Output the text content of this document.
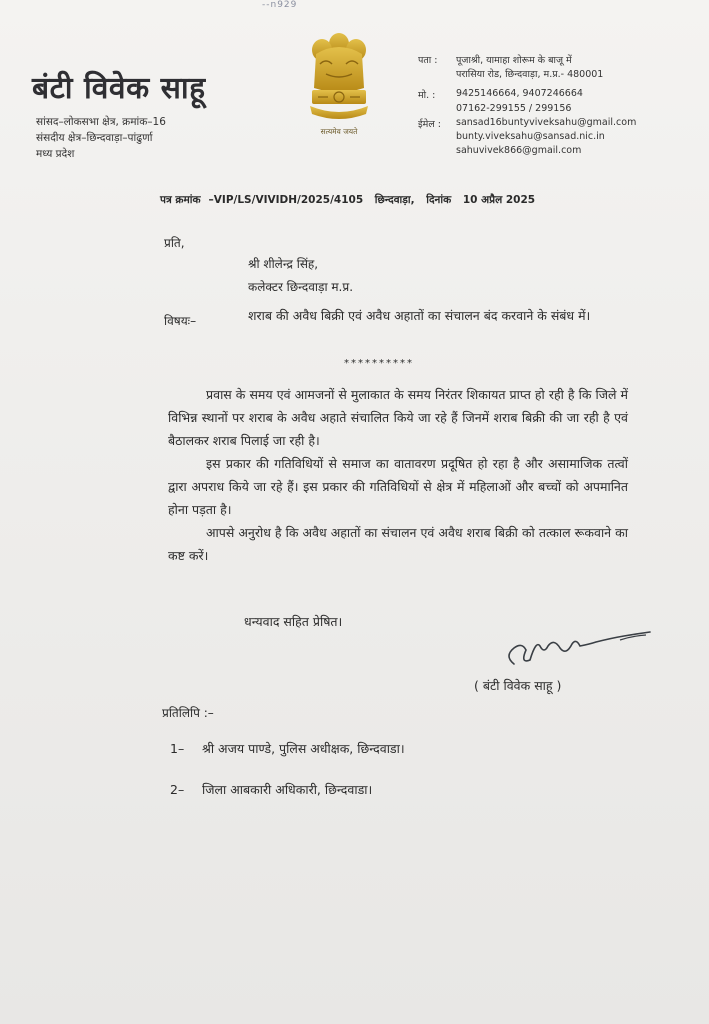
--n929
बंटी विवेक साहू
सांसद–लोकसभा क्षेत्र, क्रमांक–16
संसदीय क्षेत्र–छिन्दवाड़ा–पांढुर्णा
मध्य प्रदेश
सत्यमेव जयते
पता : पूजाश्री, यामाहा शोरूम के बाजू में
परासिया रोड, छिन्दवाड़ा, म.प्र.- 480001
मो. : 9425146664, 9407246664
07162-299155 / 299156
ईमेल : sansad16buntyviveksahu@gmail.com
bunty.viveksahu@sansad.nic.in
sahuvivek866@gmail.com
पत्र क्रमांक –VIP/LS/VIVIDH/2025/4105 छिन्दवाड़ा, दिनांक 10 अप्रैल 2025
प्रति,
श्री शीलेन्द्र सिंह,
कलेक्टर छिन्दवाड़ा म.प्र.
विषयः–	शराब की अवैध बिक्री एवं अवैध अहातों का संचालन बंद करवाने के संबंध में।
**********

प्रवास के समय एवं आमजनों से मुलाकात के समय निरंतर शिकायत प्राप्त हो रही है कि जिले में विभिन्न स्थानों पर शराब के अवैध अहाते संचालित किये जा रहे हैं जिनमें शराब बिक्री की जा रही है एवं बैठालकर शराब पिलाई जा रही है।

इस प्रकार की गतिविधियों से समाज का वातावरण प्रदूषित हो रहा है और असामाजिक तत्वों द्वारा अपराध किये जा रहे हैं। इस प्रकार की गतिविधियों से क्षेत्र में महिलाओं और बच्चों को अपमानित होना पड़ता है।

आपसे अनुरोध है कि अवैध अहातों का संचालन एवं अवैध शराब बिक्री को तत्काल रूकवाने का कष्ट करें।

धन्यवाद सहित प्रेषित।
( बंटी विवेक साहू )
प्रतिलिपि :–
1– श्री अजय पाण्डे, पुलिस अधीक्षक, छिन्दवाडा।
2– जिला आबकारी अधिकारी, छिन्दवाडा।
